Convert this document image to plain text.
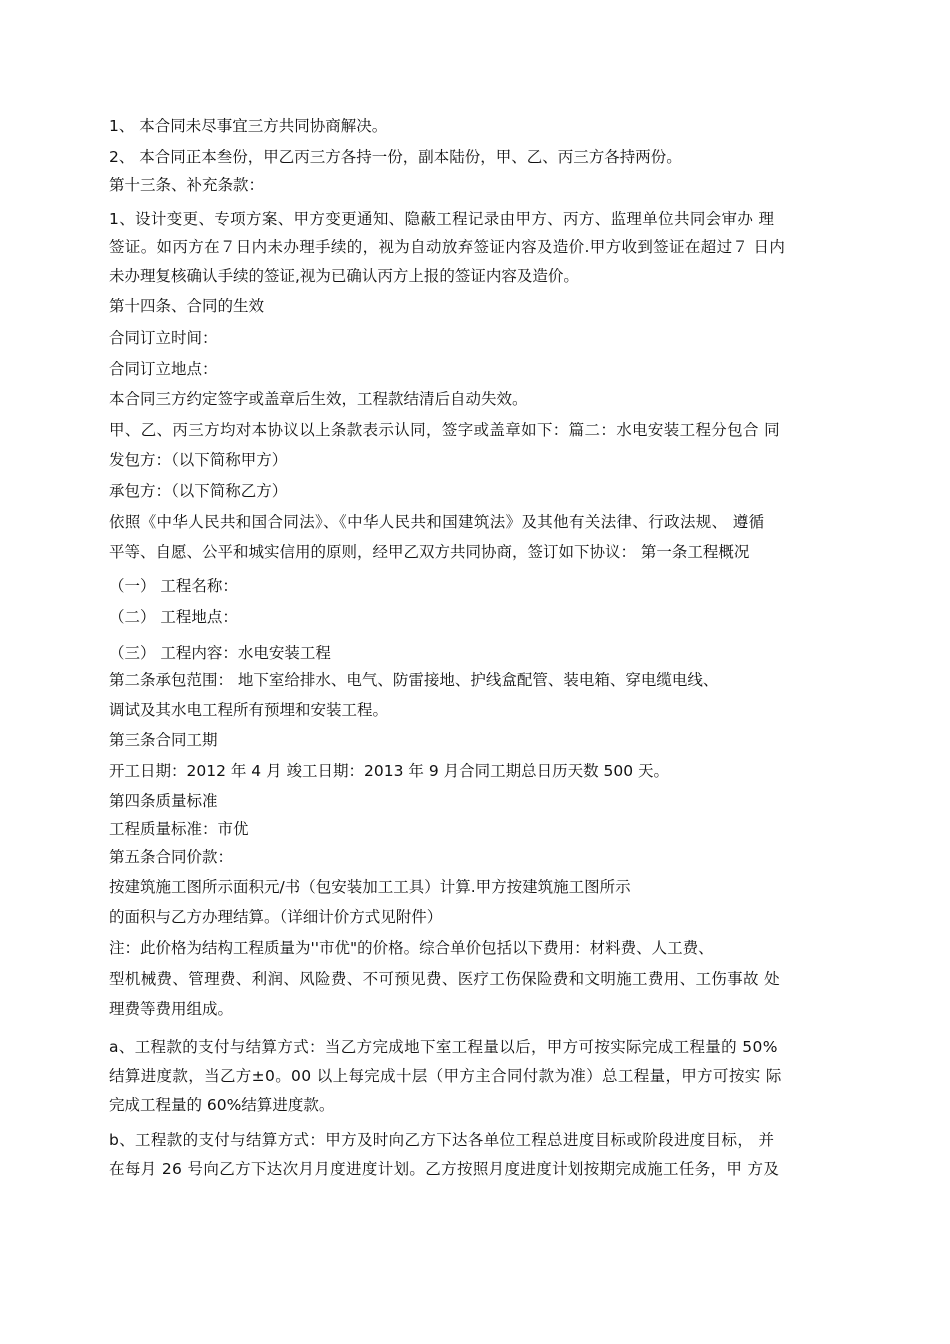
1、 本合同未尽事宜三方共同协商解决。
2、 本合同正本叁份，甲乙丙三方各持一份，副本陆份，甲、乙、丙三方各持两份。
第十三条、补充条款：
1、设计变更、专项方案、甲方变更通知、隐蔽工程记录由甲方、丙方、监理单位共同会审办 理
签证。如丙方在７日内未办理手续的，视为自动放弃签证内容及造价.甲方收到签证在超过７ 日内
未办理复核确认手续的签证,视为已确认丙方上报的签证内容及造价。
第十四条、合同的生效
合同订立时间：
合同订立地点：
本合同三方约定签字或盖章后生效，工程款结清后自动失效。
甲、乙、丙三方均对本协议以上条款表示认同，签字或盖章如下：篇二：水电安装工程分包合 同
发包方：（以下简称甲方）
承包方：（以下简称乙方）
依照《中华人民共和国合同法》、《中华人民共和国建筑法》及其他有关法律、行政法规、 遵循
平等、自愿、公平和城实信用的原则，经甲乙双方共同协商，签订如下协议： 第一条工程概况
（一） 工程名称：
（二） 工程地点：
（三） 工程内容：水电安装工程
第二条承包范围： 地下室给排水、电气、防雷接地、护线盒配管、装电箱、穿电缆电线、
调试及其水电工程所有预埋和安装工程。
第三条合同工期
开工日期：2012 年 4 月 竣工日期：2013 年 9 月合同工期总日历天数 500 天。
第四条质量标准
工程质量标准：市优
第五条合同价款：
按建筑施工图所示面积元/书（包安装加工工具）计算.甲方按建筑施工图所示
的面积与乙方办理结算。（详细计价方式见附件）
注：此价格为结构工程质量为''市优"的价格。综合单价包括以下费用：材料费、人工费、
型机械费、管理费、利润、风险费、不可预见费、医疗工伤保险费和文明施工费用、工伤事故 处
理费等费用组成。
a、工程款的支付与结算方式：当乙方完成地下室工程量以后，甲方可按实际完成工程量的 50%
结算进度款，当乙方±0。00 以上每完成十层（甲方主合同付款为准）总工程量，甲方可按实 际
完成工程量的 60%结算进度款。
b、工程款的支付与结算方式：甲方及时向乙方下达各单位工程总进度目标或阶段进度目标， 并
在每月 26 号向乙方下达次月月度进度计划。乙方按照月度进度计划按期完成施工任务，甲 方及
